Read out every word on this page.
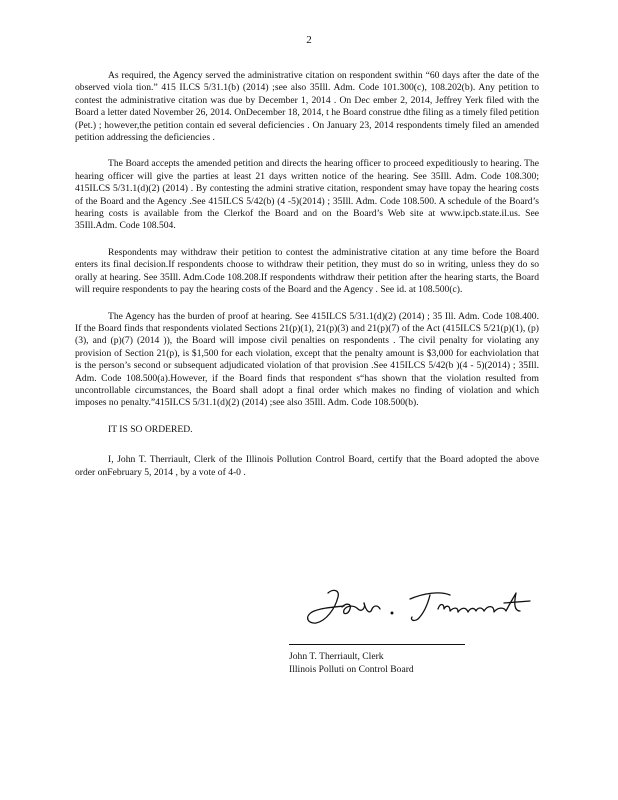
2

As required, the Agency served the administrative citation on respondent swithin “60 days after the date of the observed viola tion.” 415 ILCS 5/31.1(b) (2014) ;see also 35Ill. Adm. Code 101.300(c), 108.202(b). Any petition to contest the administrative citation was due by December 1, 2014 . On Dec ember 2, 2014, Jeffrey Yerk filed with the Board a letter dated November 26, 2014. OnDecember 18, 2014, t he Board construe dthe filing as a timely filed petition (Pet.) ; however,the petition contain ed several deficiencies . On January 23, 2014 respondents timely filed an amended petition addressing the deficiencies .

The Board accepts the amended petition and directs the hearing officer to proceed expeditiously to hearing. The hearing officer will give the parties at least 21 days written notice of the hearing. See 35Ill. Adm. Code 108.300; 415ILCS 5/31.1(d)(2) (2014) . By contesting the admini strative citation, respondent smay have topay the hearing costs of the Board and the Agency .See 415ILCS 5/42(b) (4 -5)(2014) ; 35Ill. Adm. Code 108.500. A schedule of the Board’s hearing costs is available from the Clerkof the Board and on the Board’s Web site at www.ipcb.state.il.us. See 35Ill.Adm. Code 108.504.

Respondents may withdraw their petition to contest the administrative citation at any time before the Board enters its final decision.If respondents choose to withdraw their petition, they must do so in writing, unless they do so orally at hearing. See 35Ill. Adm.Code 108.208.If respondents withdraw their petition after the hearing starts, the Board will require respondents to pay the hearing costs of the Board and the Agency . See id. at 108.500(c).

The Agency has the burden of proof at hearing. See 415ILCS 5/31.1(d)(2) (2014) ; 35 Ill. Adm. Code 108.400. If the Board finds that respondents violated Sections 21(p)(1), 21(p)(3) and 21(p)(7) of the Act (415ILCS 5/21(p)(1), (p)(3), and (p)(7) (2014 )), the Board will impose civil penalties on respondents . The civil penalty for violating any provision of Section 21(p), is $1,500 for each violation, except that the penalty amount is $3,000 for eachviolation that is the person’s second or subsequent adjudicated violation of that provision .See 415ILCS 5/42(b )(4 - 5)(2014) ; 35Ill. Adm. Code 108.500(a).However, if the Board finds that respondent s“has shown that the violation resulted from uncontrollable circumstances, the Board shall adopt a final order which makes no finding of violation and which imposes no penalty.”415ILCS 5/31.1(d)(2) (2014) ;see also 35Ill. Adm. Code 108.500(b).

IT IS SO ORDERED.

I, John T. Therriault, Clerk of the Illinois Pollution Control Board, certify that the Board adopted the above order onFebruary 5, 2014 , by a vote of 4-0 .

John T. Therriault, Clerk
Illinois Polluti on Control Board
